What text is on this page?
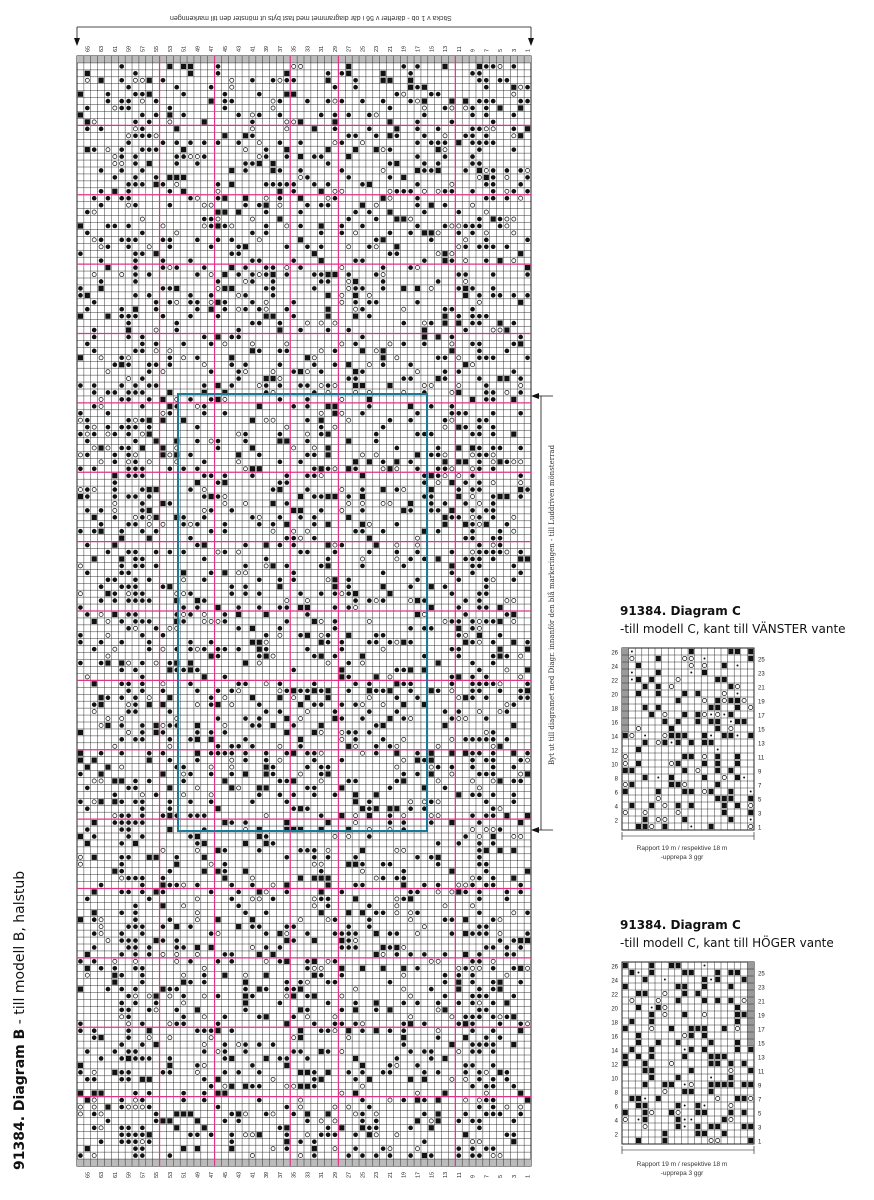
1
1
3
3
5
5
7
7
9
9
11
11
13
13
15
15
17
17
19
19
21
21
23
23
25
25
27
27
29
29
31
31
33
33
35
35
37
37
39
39
41
41
43
43
45
45
47
47
49
49
51
51
53
53
55
55
57
57
59
59
61
61
63
63
65
65
26
24
22
20
18
16
14
12
10
8
6
4
2
25
23
21
19
17
15
13
11
9
7
5
3
1
26
24
22
20
18
16
14
12
10
8
6
4
2
25
23
21
19
17
15
13
11
9
7
5
3
1
91384. Diagram B - till modell B, halstub
Sticka v 1 ob - därefter v 56 i där diagrammet med fast byts ut mönster den till markeringen
Byt ut till diagramet med Diagr. innanför den blå markeringen - till Luddriven mönsterrad	91384. Diagram C
-till modell C, kant till VÄNSTER vante
Rapport 19 m / respektive 18 m
-upprepa 3 ggr
91384. Diagram C
-till modell C, kant till HÖGER vante
Rapport 19 m / respektive 18 m
-upprepa 3 ggr
